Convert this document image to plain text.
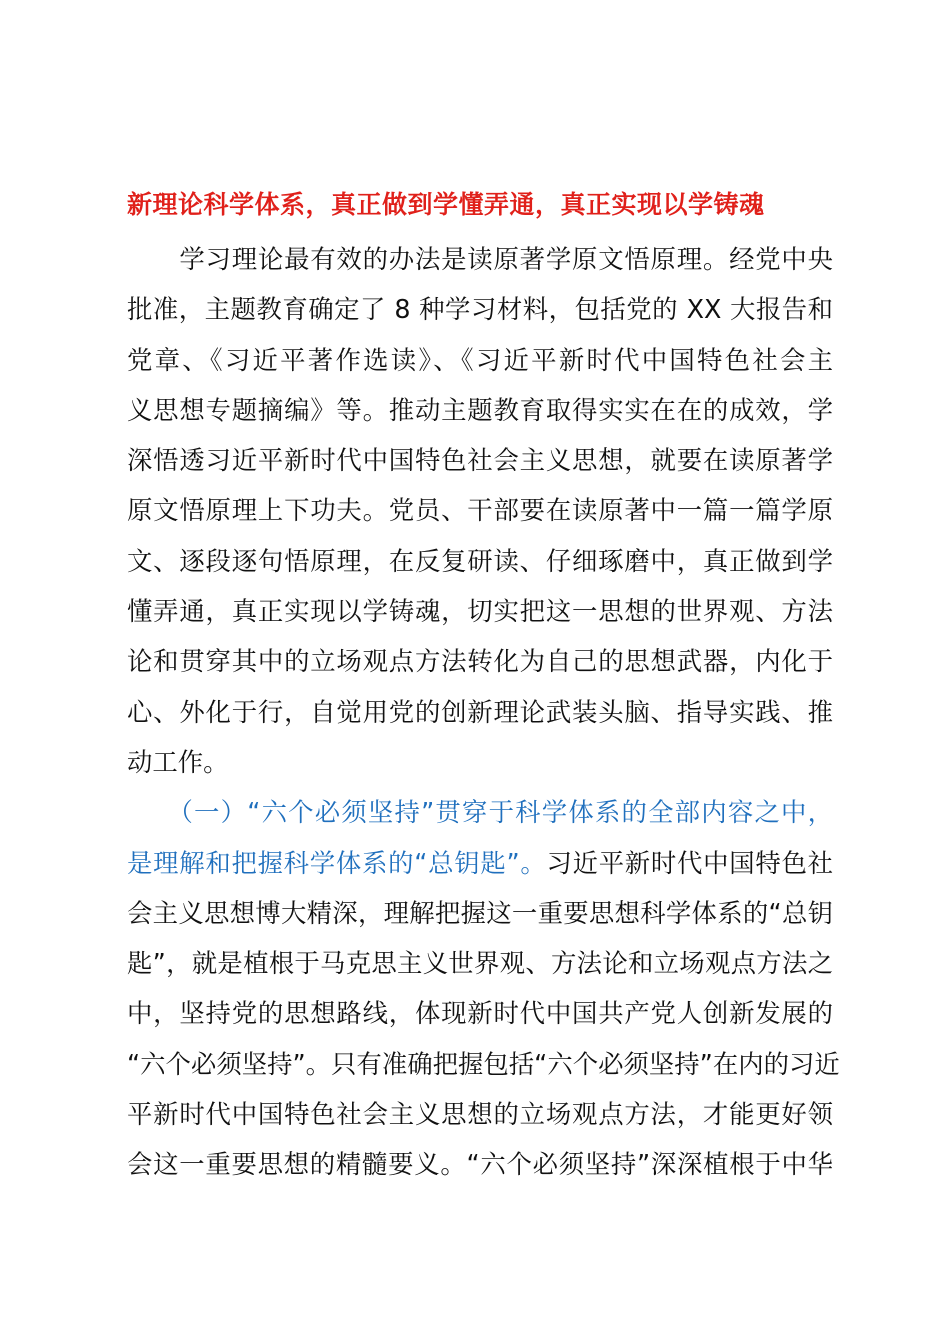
新理论科学体系，真正做到学懂弄通，真正实现以学铸魂
　　学习理论最有效的办法是读原著学原文悟原理。经党中央
批准，主题教育确定了 8 种学习材料，包括党的 XX 大报告和
党章、《习近平著作选读》、《习近平新时代中国特色社会主
义思想专题摘编》等。推动主题教育取得实实在在的成效，学
深悟透习近平新时代中国特色社会主义思想，就要在读原著学
原文悟原理上下功夫。党员、干部要在读原著中一篇一篇学原
文、逐段逐句悟原理，在反复研读、仔细琢磨中，真正做到学
懂弄通，真正实现以学铸魂，切实把这一思想的世界观、方法
论和贯穿其中的立场观点方法转化为自己的思想武器，内化于
心、外化于行，自觉用党的创新理论武装头脑、指导实践、推
动工作。
　　（一）“六个必须坚持”贯穿于科学体系的全部内容之中，
是理解和把握科学体系的“总钥匙”。习近平新时代中国特色社
会主义思想博大精深，理解把握这一重要思想科学体系的“总钥
匙”，就是植根于马克思主义世界观、方法论和立场观点方法之
中，坚持党的思想路线，体现新时代中国共产党人创新发展的
“六个必须坚持”。只有准确把握包括“六个必须坚持”在内的习近
平新时代中国特色社会主义思想的立场观点方法，才能更好领
会这一重要思想的精髓要义。“六个必须坚持”深深植根于中华
